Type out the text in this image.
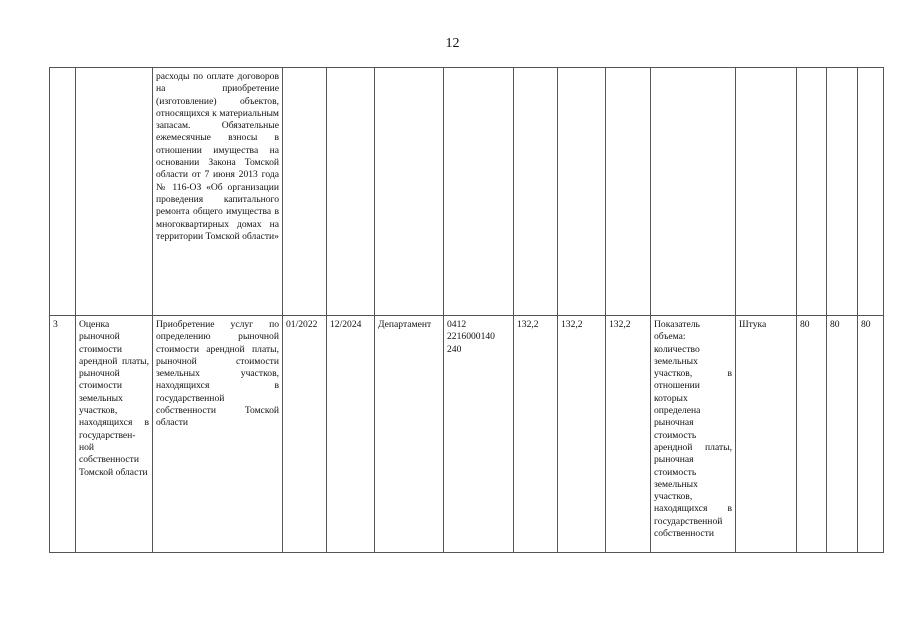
12
		расходы по оплате договоров на приобретение (изготовление) объектов, относящихся к материальным запасам. Обязательные ежемесячные взносы в отношении имущества на основании Закона Томской области от 7 июня 2013 года № 116-ОЗ «Об организации проведения капитального ремонта общего имущества в многоквартирных домах на территории Томской области»												
3	Оценка рыночной стоимости арендной платы, рыночной стоимости земельных участков, находящихся в государствен-ной собственности Томской области	Приобретение услуг по определению рыночной стоимости арендной платы, рыночной стоимости земельных участков, находящихся в государственной собственности Томской области	01/2022	12/2024	Департамент	0412 2216000140 240	132,2	132,2	132,2	Показатель объема: количество земельных участков, в отношении которых определена рыночная стоимость арендной платы, рыночная стоимость земельных участков, находящихся в государственной собственности	Штука	80	80	80
